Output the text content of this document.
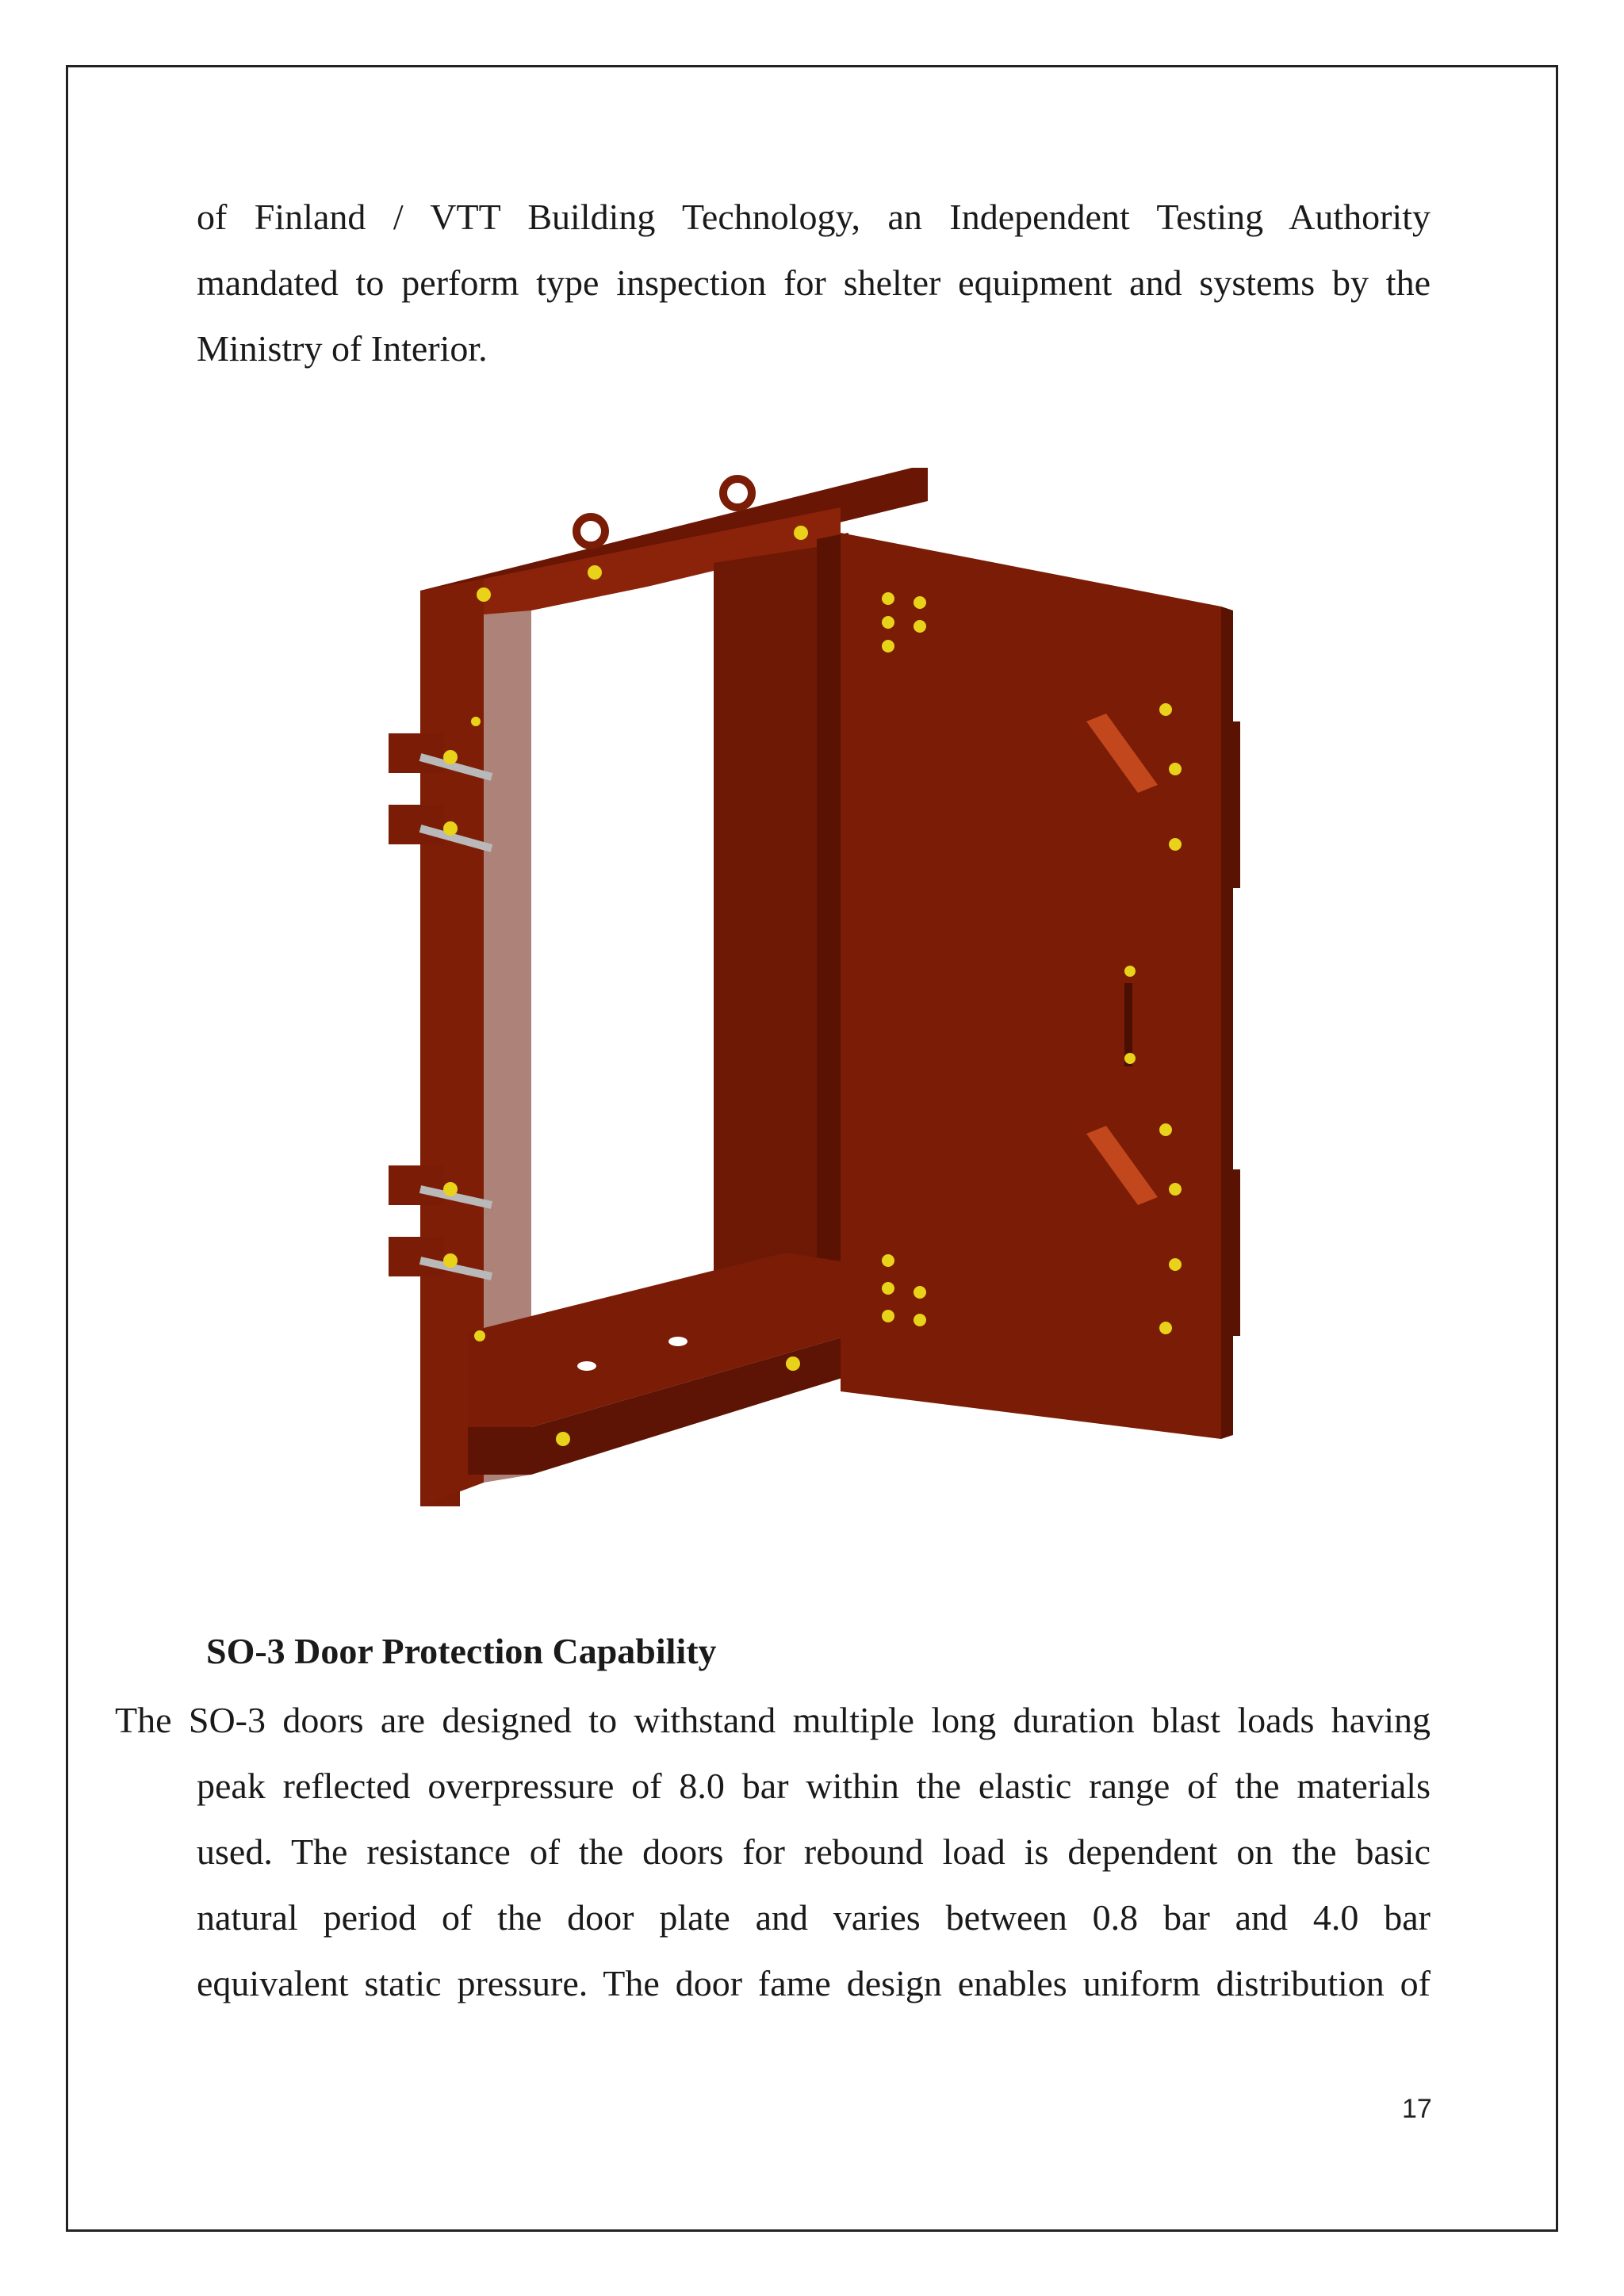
of Finland / VTT Building Technology, an Independent Testing Authority
mandated to perform type inspection for shelter equipment and systems by the
Ministry of Interior.
SO-3 Door Protection Capability
The SO-3 doors are designed to withstand multiple long duration blast loads having
peak reflected overpressure of 8.0 bar within the elastic range of the materials
used. The resistance of the doors for rebound load is dependent on the basic
natural period of the door plate and varies between 0.8 bar and 4.0 bar
equivalent static pressure. The door fame design enables uniform distribution of
17
